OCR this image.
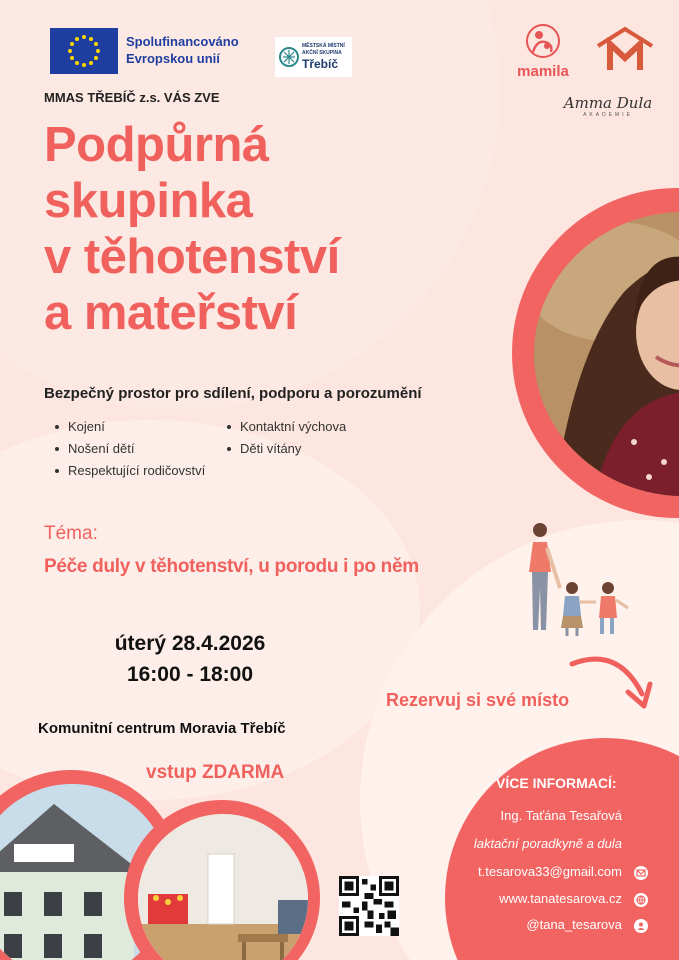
Spolufinancováno
Evropskou unií
MĚSTSKÁ MÍSTNÍ
AKČNÍ SKUPINA
Třebíč	mamila
Amma Dula
AKADEMIE
MMAS TŘEBÍČ z.s. VÁS ZVE
Podpůrná
skupinka
v těhotenství
a mateřství
Bezpečný prostor pro sdílení, podporu a porozumění
Kojení
Nošení dětí
Respektující rodičovství
Kontaktní výchova
Děti vítány
Téma:
Péče duly v těhotenství, u porodu i po něm
úterý 28.4.2026
16:00 - 18:00
Rezervuj si své místo
Komunitní centrum Moravia Třebíč
vstup ZDARMA	VÍCE INFORMACÍ:
Ing. Taťána Tesařová
laktační poradkyně a dula
t.tesarova33@gmail.com
www.tanatesarova.cz
@tana_tesarova
